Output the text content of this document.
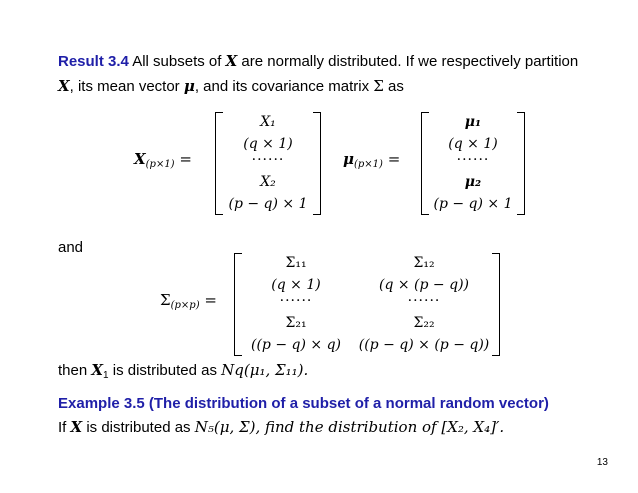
Result 3.4 All subsets of X are normally distributed. If we respectively partition
X, its mean vector μ, and its covariance matrix Σ as
$X_{(p\times 1)}$ =
X₁
(q × 1)
······
X₂
(p − q) × 1
$\mu_{(p\times 1)}$ =
μ₁
(q × 1)
······
μ₂
(p − q) × 1
and
$\Sigma_{(p\times p)}$ =
Σ₁₁
(q × 1)
······
Σ₂₁
((p − q) × q)
Σ₁₂
(q × (p − q))
······
Σ₂₂
((p − q) × (p − q))
then $X_1$ is distributed as Nq(μ₁, Σ₁₁).
Example 3.5 (The distribution of a subset of a normal random vector)
If X is distributed as N₅(μ, Σ), find the distribution of [X₂, X₄]′.
13
